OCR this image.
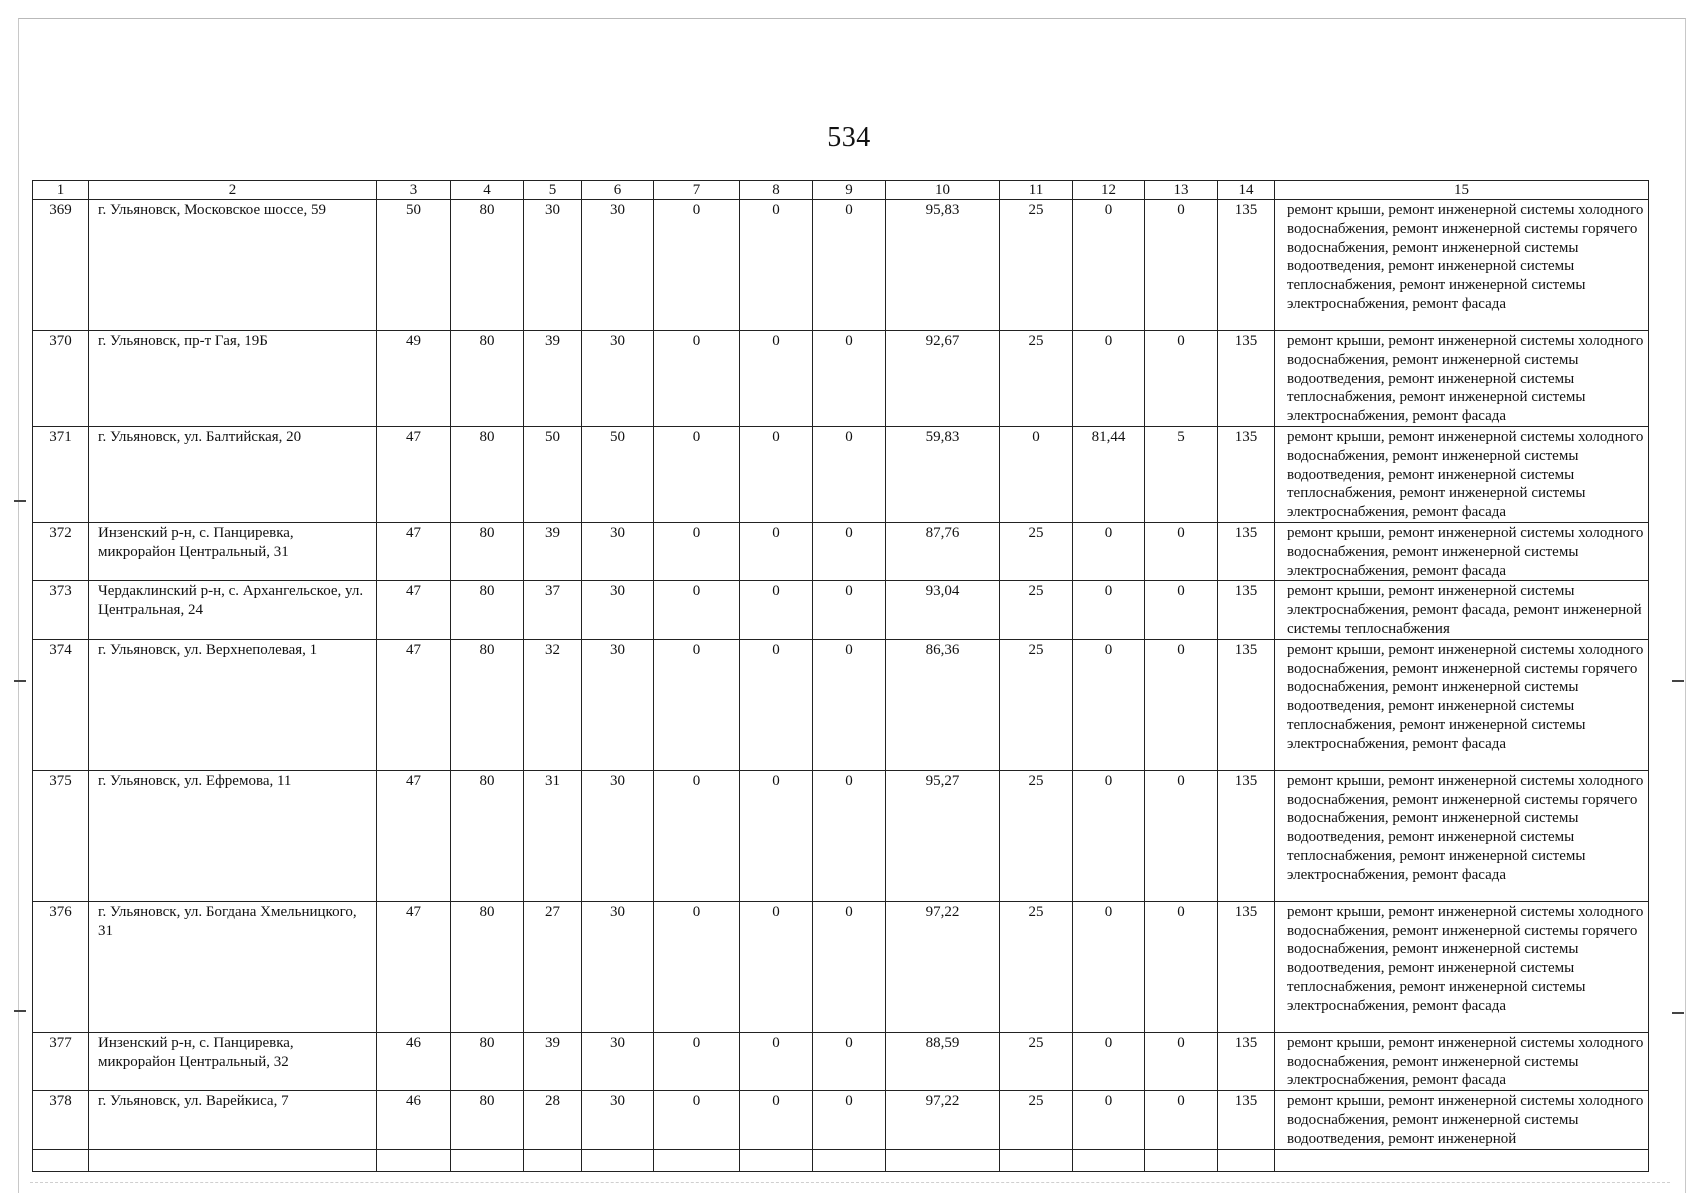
534
1	2	3	4	5	6	7	8	9	10	11	12	13	14	15
369	г. Ульяновск, Московское шоссе, 59	50	80	30	30	0	0	0	95,83	25	0	0	135	ремонт крыши, ремонт инженерной системы холодного водоснабжения, ремонт инженерной системы горячего водоснабжения, ремонт инженерной системы водоотведения, ремонт инженерной системы теплоснабжения, ремонт инженерной системы электроснабжения, ремонт фасада
370	г. Ульяновск, пр-т Гая, 19Б	49	80	39	30	0	0	0	92,67	25	0	0	135	ремонт крыши, ремонт инженерной системы холодного водоснабжения, ремонт инженерной системы водоотведения, ремонт инженерной системы теплоснабжения, ремонт инженерной системы электроснабжения, ремонт фасада
371	г. Ульяновск, ул. Балтийская, 20	47	80	50	50	0	0	0	59,83	0	81,44	5	135	ремонт крыши, ремонт инженерной системы холодного водоснабжения, ремонт инженерной системы водоотведения, ремонт инженерной системы теплоснабжения, ремонт инженерной системы электроснабжения, ремонт фасада
372	Инзенский р-н, с. Панциревка, микрорайон Центральный, 31	47	80	39	30	0	0	0	87,76	25	0	0	135	ремонт крыши, ремонт инженерной системы холодного водоснабжения, ремонт инженерной системы электроснабжения, ремонт фасада
373	Чердаклинский р-н, с. Архангельское, ул. Центральная, 24	47	80	37	30	0	0	0	93,04	25	0	0	135	ремонт крыши, ремонт инженерной системы электроснабжения, ремонт фасада, ремонт инженерной системы теплоснабжения
374	г. Ульяновск, ул. Верхнеполевая, 1	47	80	32	30	0	0	0	86,36	25	0	0	135	ремонт крыши, ремонт инженерной системы холодного водоснабжения, ремонт инженерной системы горячего водоснабжения, ремонт инженерной системы водоотведения, ремонт инженерной системы теплоснабжения, ремонт инженерной системы электроснабжения, ремонт фасада
375	г. Ульяновск, ул. Ефремова, 11	47	80	31	30	0	0	0	95,27	25	0	0	135	ремонт крыши, ремонт инженерной системы холодного водоснабжения, ремонт инженерной системы горячего водоснабжения, ремонт инженерной системы водоотведения, ремонт инженерной системы теплоснабжения, ремонт инженерной системы электроснабжения, ремонт фасада
376	г. Ульяновск, ул. Богдана Хмельницкого, 31	47	80	27	30	0	0	0	97,22	25	0	0	135	ремонт крыши, ремонт инженерной системы холодного водоснабжения, ремонт инженерной системы горячего водоснабжения, ремонт инженерной системы водоотведения, ремонт инженерной системы теплоснабжения, ремонт инженерной системы электроснабжения, ремонт фасада
377	Инзенский р-н, с. Панциревка, микрорайон Центральный, 32	46	80	39	30	0	0	0	88,59	25	0	0	135	ремонт крыши, ремонт инженерной системы холодного водоснабжения, ремонт инженерной системы электроснабжения, ремонт фасада
378	г. Ульяновск, ул. Варейкиса, 7	46	80	28	30	0	0	0	97,22	25	0	0	135	ремонт крыши, ремонт инженерной системы холодного водоснабжения, ремонт инженерной системы водоотведения, ремонт инженерной
